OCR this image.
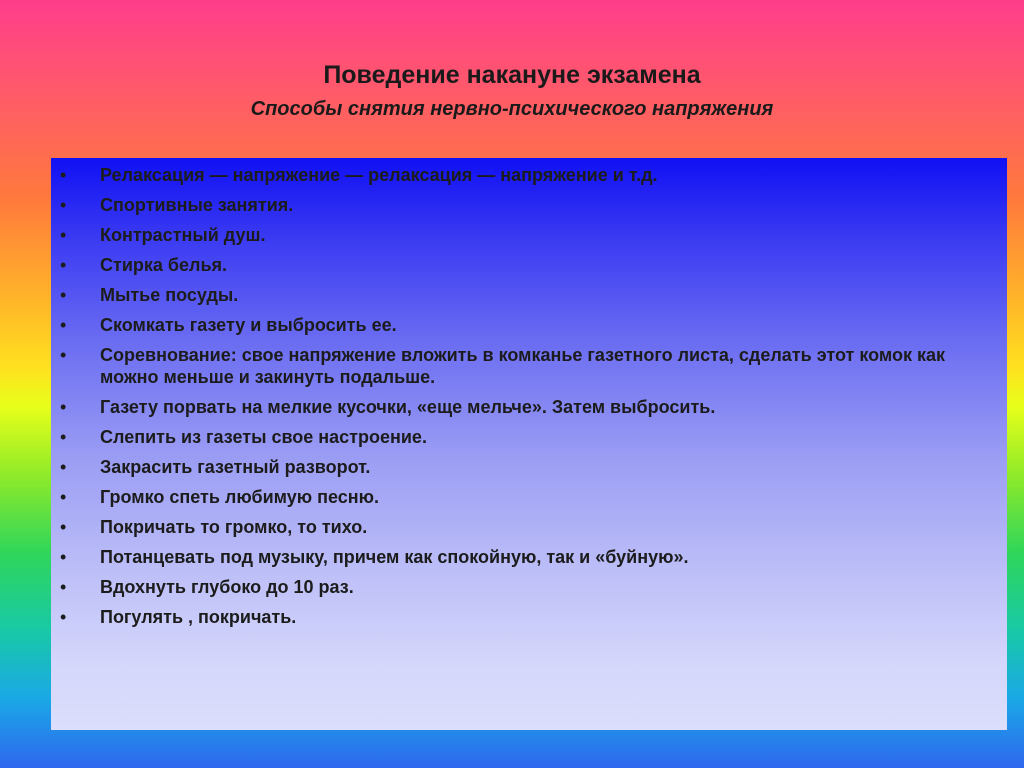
Поведение накануне экзамена
Способы снятия нервно-психического напряжения
• Релаксация — напряжение — релаксация — напряжение и т.д.
• Спортивные занятия.
• Контрастный душ.
• Стирка белья.
• Мытье посуды.
• Скомкать газету и выбросить ее.
• Соревнование: свое напряжение вложить в комканье газетного листа, сделать этот комок как можно меньше и закинуть подальше.
• Газету порвать на мелкие кусочки, «еще мельче». Затем выбросить.
• Слепить из газеты свое настроение.
• Закрасить газетный разворот.
• Громко спеть любимую песню.
• Покричать то громко, то тихо.
• Потанцевать под музыку, причем как спокойную, так и «буйную».
• Вдохнуть глубоко до 10 раз.
• Погулять , покричать.
